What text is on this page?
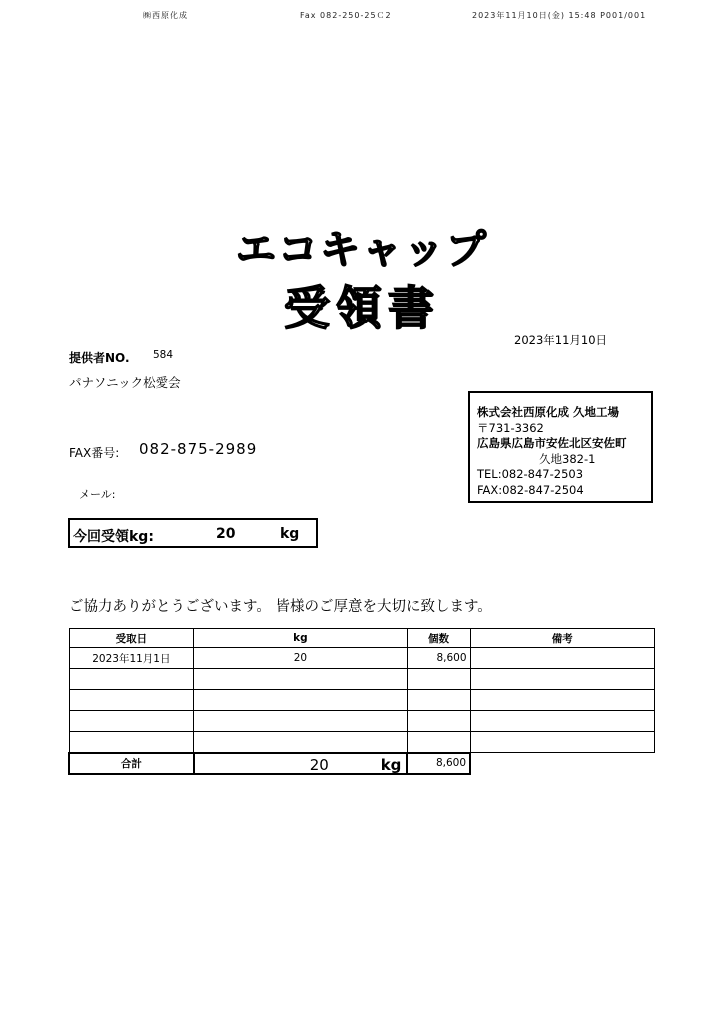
㈱西原化成	Fax 082-250-25Ｃ2	2023年11月10日(金) 15:48 P001/001
エコキャップ
受領書
2023年11月10日
提供者NO. 584
パナソニック松愛会
株式会社西原化成 久地工場
〒731-3362
広島県広島市安佐北区安佐町
久地382-1
TEL:082-847-2503
FAX:082-847-2504
FAX番号: 082-875-2989
メール:
今回受領kg:	20	kg
ご協力ありがとうございます。 皆様のご厚意を大切に致します。
受取日	kg	個数	備考
2023年11月1日	20	8,600	

合計	20 kg	8,600	
